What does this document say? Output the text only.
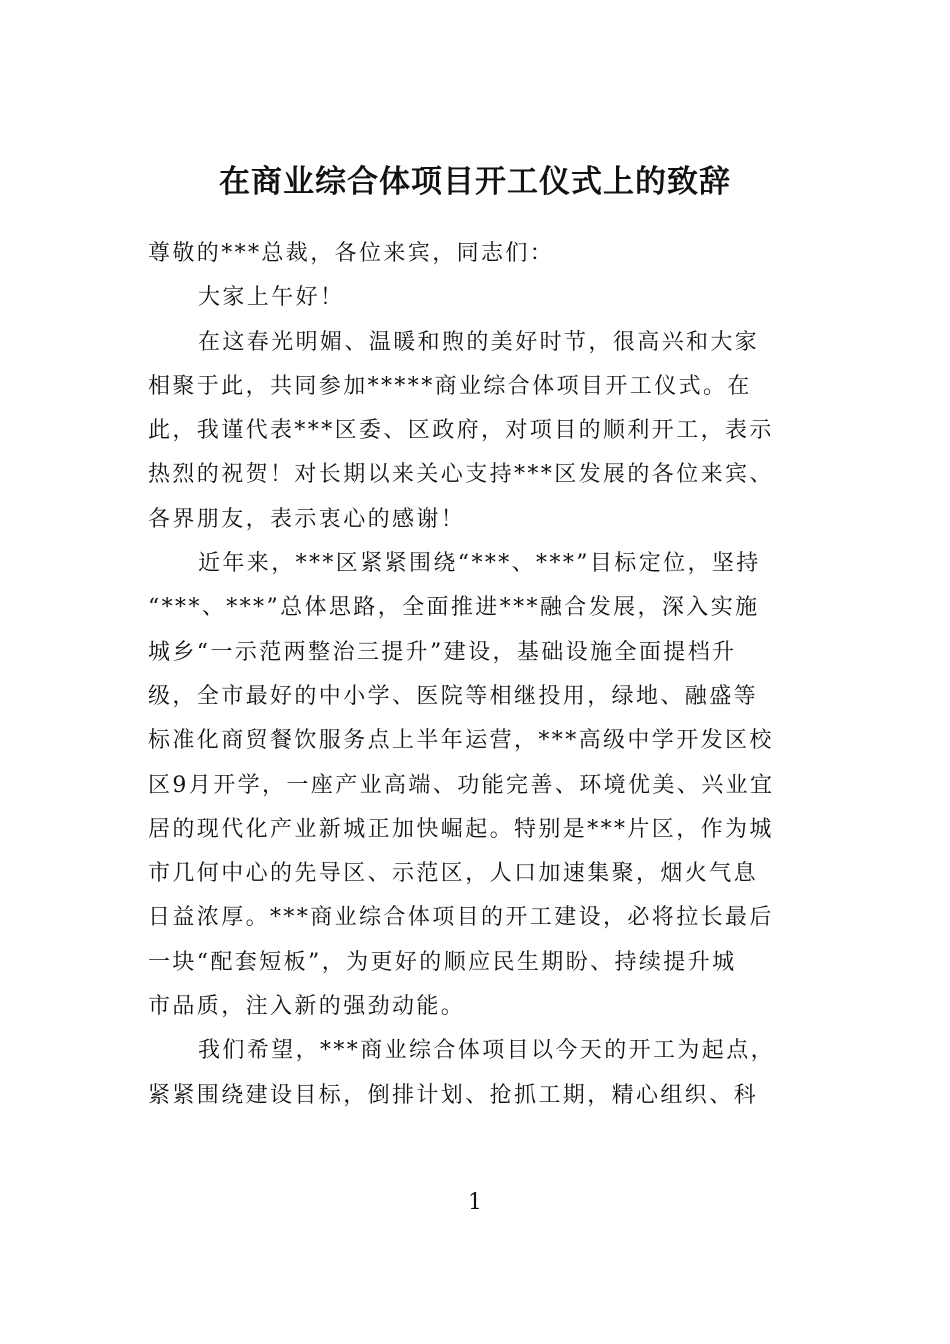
在商业综合体项目开工仪式上的致辞
尊敬的***总裁，各位来宾，同志们：
大家上午好！
在这春光明媚、温暖和煦的美好时节，很高兴和大家
相聚于此，共同参加*****商业综合体项目开工仪式。在
此，我谨代表***区委、区政府，对项目的顺利开工，表示
热烈的祝贺！对长期以来关心支持***区发展的各位来宾、
各界朋友，表示衷心的感谢！
近年来，***区紧紧围绕“***、***”目标定位，坚持
“***、***”总体思路，全面推进***融合发展，深入实施
城乡“一示范两整治三提升”建设，基础设施全面提档升
级，全市最好的中小学、医院等相继投用，绿地、融盛等
标准化商贸餐饮服务点上半年运营，***高级中学开发区校
区9月开学，一座产业高端、功能完善、环境优美、兴业宜
居的现代化产业新城正加快崛起。特别是***片区，作为城
市几何中心的先导区、示范区，人口加速集聚，烟火气息
日益浓厚。***商业综合体项目的开工建设，必将拉长最后
一块“配套短板”，为更好的顺应民生期盼、持续提升城
市品质，注入新的强劲动能。
我们希望，***商业综合体项目以今天的开工为起点，
紧紧围绕建设目标，倒排计划、抢抓工期，精心组织、科
1
